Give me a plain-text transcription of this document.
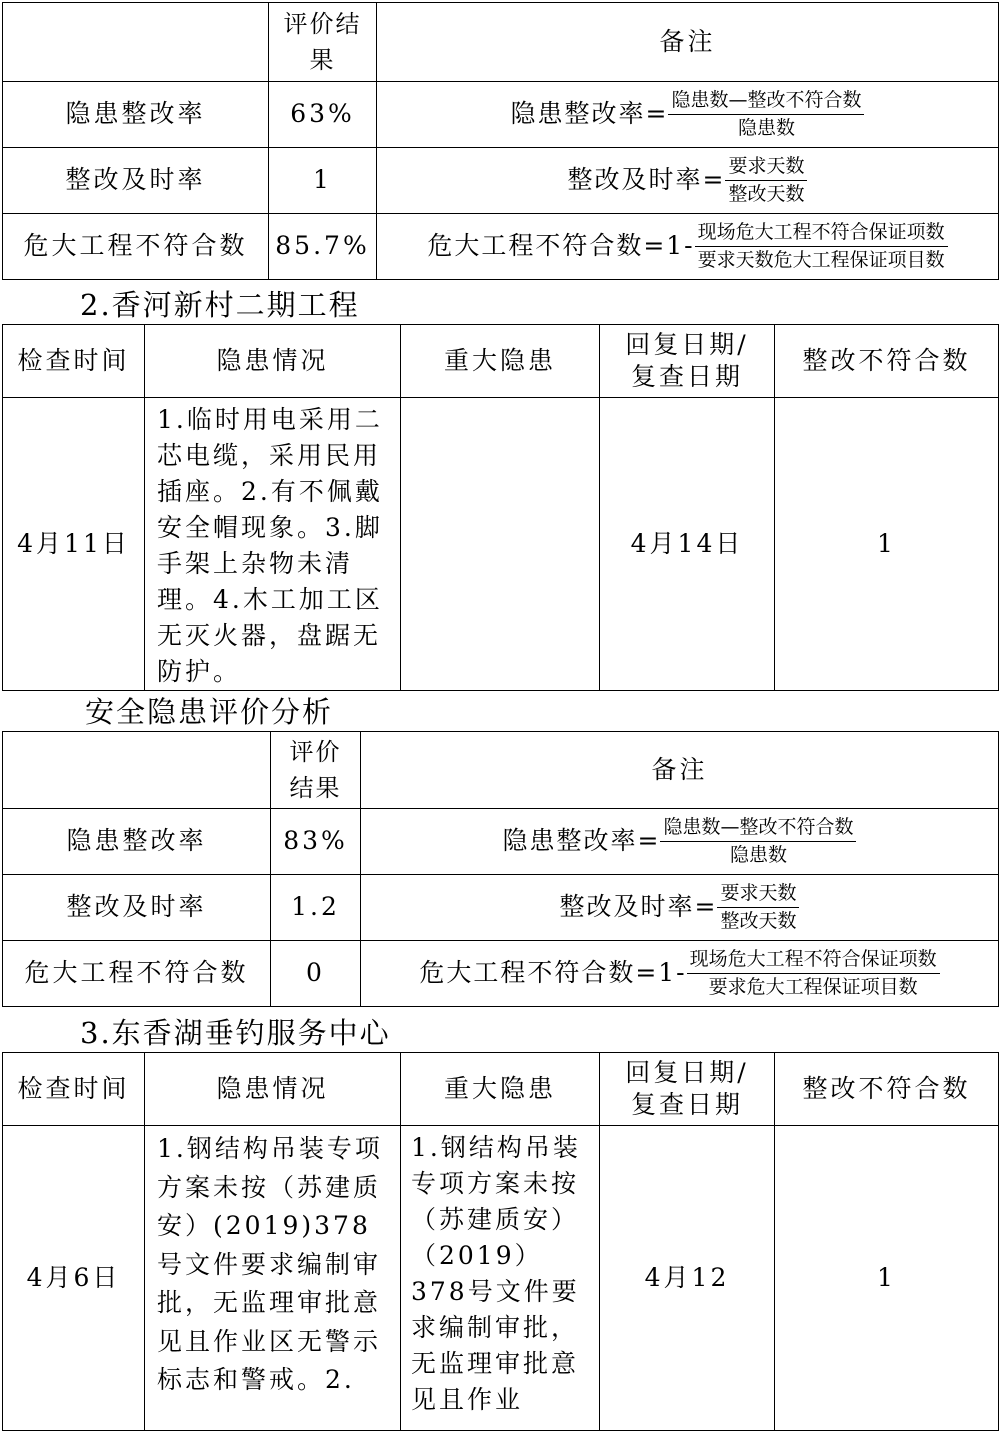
	评价结果	备注
隐患整改率	63%	隐患整改率= $\frac{\text{隐患数—整改不符合数}}{\text{隐患数}}$

整改及时率	1	整改及时率= $\frac{\text{要求天数}}{\text{整改天数}}$

危大工程不符合数	85.7%	危大工程不符合数$=1- \frac{\text{现场危大工程不符合保证项数}}{\text{要求天数危大工程保证项目数}}$
2.香河新村二期工程
检查时间	隐患情况	重大隐患	回复日期/复查日期	整改不符合数
4月11日	1.临时用电采用二芯电缆，采用民用插座。2.有不佩戴安全帽现象。3.脚手架上杂物未清理。4.木工加工区无灭火器，盘踞无防护。		4月14日	1
安全隐患评价分析
	评价结果	备注
隐患整改率	83%	隐患整改率= $\frac{\text{隐患数—整改不符合数}}{\text{隐患数}}$

整改及时率	1.2	整改及时率= $\frac{\text{要求天数}}{\text{整改天数}}$

危大工程不符合数	0	危大工程不符合数$=1- \frac{\text{现场危大工程不符合保证项数}}{\text{要求危大工程保证项目数}}$
3.东香湖垂钓服务中心
检查时间	隐患情况	重大隐患	回复日期/复查日期	整改不符合数
4月6日	1.钢结构吊装专项方案未按（苏建质安）(2019)378号文件要求编制审批，无监理审批意见且作业区无警示标志和警戒。2.	1.钢结构吊装专项方案未按（苏建质安）（2019）378号文件要求编制审批，无监理审批意见且作业	4月12	1
